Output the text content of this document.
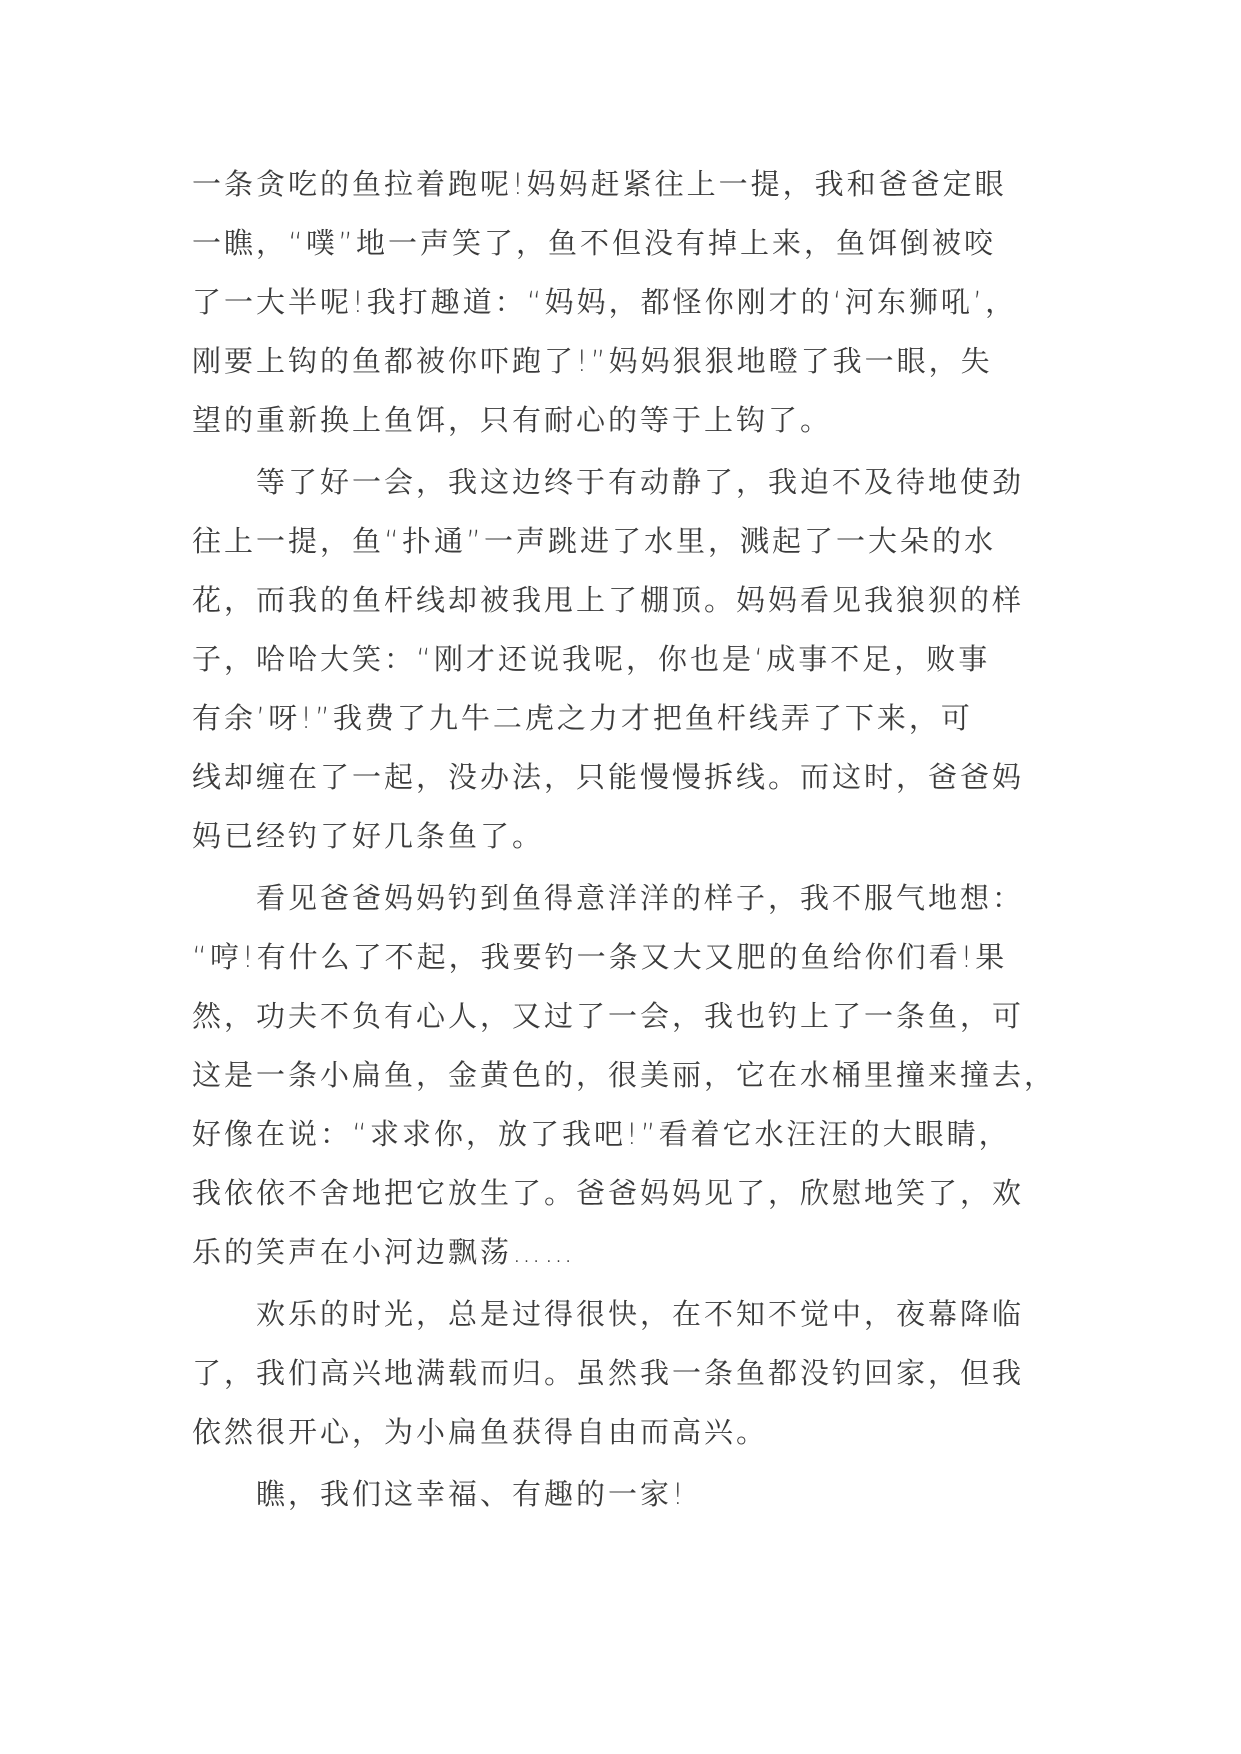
一条贪吃的鱼拉着跑呢!妈妈赶紧往上一提，我和爸爸定眼
一瞧，“噗”地一声笑了，鱼不但没有掉上来，鱼饵倒被咬
了一大半呢!我打趣道：“妈妈，都怪你刚才的‘河东狮吼’，
刚要上钩的鱼都被你吓跑了!”妈妈狠狠地瞪了我一眼，失
望的重新换上鱼饵，只有耐心的等于上钩了。
等了好一会，我这边终于有动静了，我迫不及待地使劲
往上一提，鱼“扑通”一声跳进了水里，溅起了一大朵的水
花，而我的鱼杆线却被我甩上了棚顶。妈妈看见我狼狈的样
子，哈哈大笑：“刚才还说我呢，你也是‘成事不足，败事
有余’呀!”我费了九牛二虎之力才把鱼杆线弄了下来，可
线却缠在了一起，没办法，只能慢慢拆线。而这时，爸爸妈
妈已经钓了好几条鱼了。
看见爸爸妈妈钓到鱼得意洋洋的样子，我不服气地想：
“哼!有什么了不起，我要钓一条又大又肥的鱼给你们看!果
然，功夫不负有心人，又过了一会，我也钓上了一条鱼，可
这是一条小扁鱼，金黄色的，很美丽，它在水桶里撞来撞去，
好像在说：“求求你，放了我吧!”看着它水汪汪的大眼睛，
我依依不舍地把它放生了。爸爸妈妈见了，欣慰地笑了，欢
乐的笑声在小河边飘荡……
欢乐的时光，总是过得很快，在不知不觉中，夜幕降临
了，我们高兴地满载而归。虽然我一条鱼都没钓回家，但我
依然很开心，为小扁鱼获得自由而高兴。
瞧，我们这幸福、有趣的一家!
